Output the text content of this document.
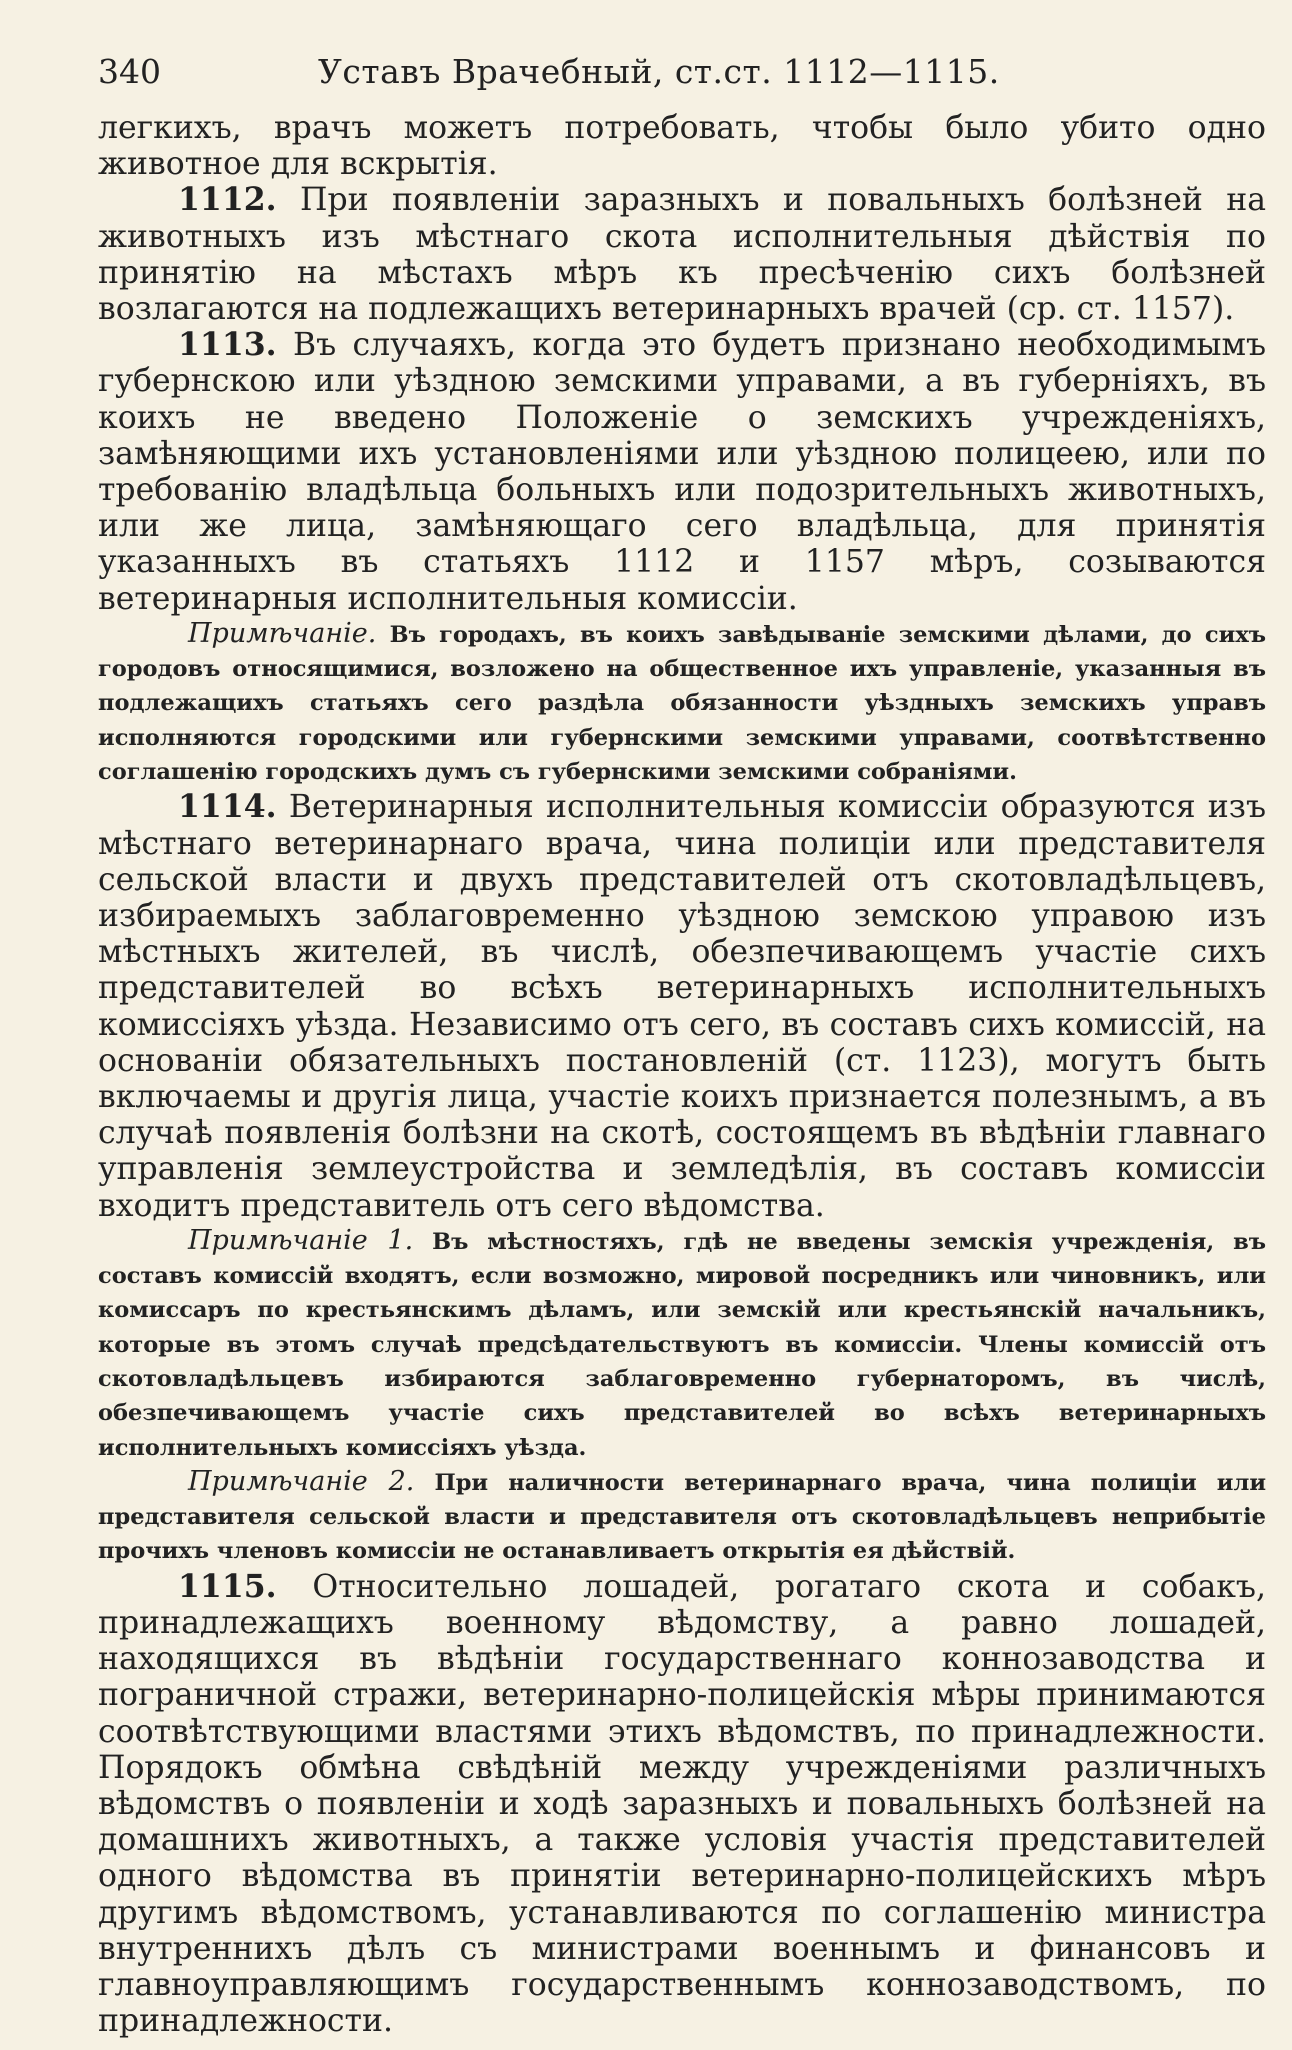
340	Уставъ Врачебный, ст.ст. 1112—1115.

легкихъ, врачъ можетъ потребовать, чтобы было убито одно животное для вскрытія.

1112. При появленіи заразныхъ и повальныхъ болѣзней на животныхъ изъ мѣстнаго скота исполнительныя дѣйствія по принятію на мѣстахъ мѣръ къ пресѣченію сихъ болѣзней возлагаются на подлежащихъ ветеринарныхъ врачей (ср. ст. 1157).

1113. Въ случаяхъ, когда это будетъ признано необходимымъ губернскою или уѣздною земскими управами, а въ губерніяхъ, въ коихъ не введено Положеніе о земскихъ учрежденіяхъ, замѣняющими ихъ установленіями или уѣздною полицеею, или по требованію владѣльца больныхъ или подозрительныхъ животныхъ, или же лица, замѣняющаго сего владѣльца, для принятія указанныхъ въ статьяхъ 1112 и 1157 мѣръ, созываются ветеринарныя исполнительныя комиссіи.

Примѣчаніе. Въ городахъ, въ коихъ завѣдываніе земскими дѣлами, до сихъ городовъ относящимися, возложено на общественное ихъ управленіе, указанныя въ подлежащихъ статьяхъ сего раздѣла обязанности уѣздныхъ земскихъ управъ исполняются городскими или губернскими земскими управами, соотвѣтственно соглашенію городскихъ думъ съ губернскими земскими собраніями.

1114. Ветеринарныя исполнительныя комиссіи образуются изъ мѣстнаго ветеринарнаго врача, чина полиціи или представителя сельской власти и двухъ представителей отъ скотовладѣльцевъ, избираемыхъ заблаговременно уѣздною земскою управою изъ мѣстныхъ жителей, въ числѣ, обезпечивающемъ участіе сихъ представителей во всѣхъ ветеринарныхъ исполнительныхъ комиссіяхъ уѣзда. Независимо отъ сего, въ составъ сихъ комиссій, на основаніи обязательныхъ постановленій (ст. 1123), могутъ быть включаемы и другія лица, участіе коихъ признается полезнымъ, а въ случаѣ появленія болѣзни на скотѣ, состоящемъ въ вѣдѣніи главнаго управленія землеустройства и земледѣлія, въ составъ комиссіи входитъ представитель отъ сего вѣдомства.

Примѣчаніе 1. Въ мѣстностяхъ, гдѣ не введены земскія учрежденія, въ составъ комиссій входятъ, если возможно, мировой посредникъ или чиновникъ, или комиссаръ по крестьянскимъ дѣламъ, или земскій или крестьянскій начальникъ, которые въ этомъ случаѣ предсѣдательствуютъ въ комиссіи. Члены комиссій отъ скотовладѣльцевъ избираются заблаговременно губернаторомъ, въ числѣ, обезпечивающемъ участіе сихъ представителей во всѣхъ ветеринарныхъ исполнительныхъ комиссіяхъ уѣзда.

Примѣчаніе 2. При наличности ветеринарнаго врача, чина полиціи или представителя сельской власти и представителя отъ скотовладѣльцевъ неприбытіе прочихъ членовъ комиссіи не останавливаетъ открытія ея дѣйствій.

1115. Относительно лошадей, рогатаго скота и собакъ, принадлежащихъ военному вѣдомству, а равно лошадей, находящихся въ вѣдѣніи государственнаго коннозаводства и пограничной стражи, ветеринарно-полицейскія мѣры принимаются соотвѣтствующими властями этихъ вѣдомствъ, по принадлежности. Порядокъ обмѣна свѣдѣній между учрежденіями различныхъ вѣдомствъ о появленіи и ходѣ заразныхъ и повальныхъ болѣзней на домашнихъ животныхъ, а также условія участія представителей одного вѣдомства въ принятіи ветеринарно-полицейскихъ мѣръ другимъ вѣдомствомъ, устанавливаются по соглашенію министра внутреннихъ дѣлъ съ министрами военнымъ и финансовъ и главноуправляющимъ государственнымъ коннозаводствомъ, по принадлежности.
